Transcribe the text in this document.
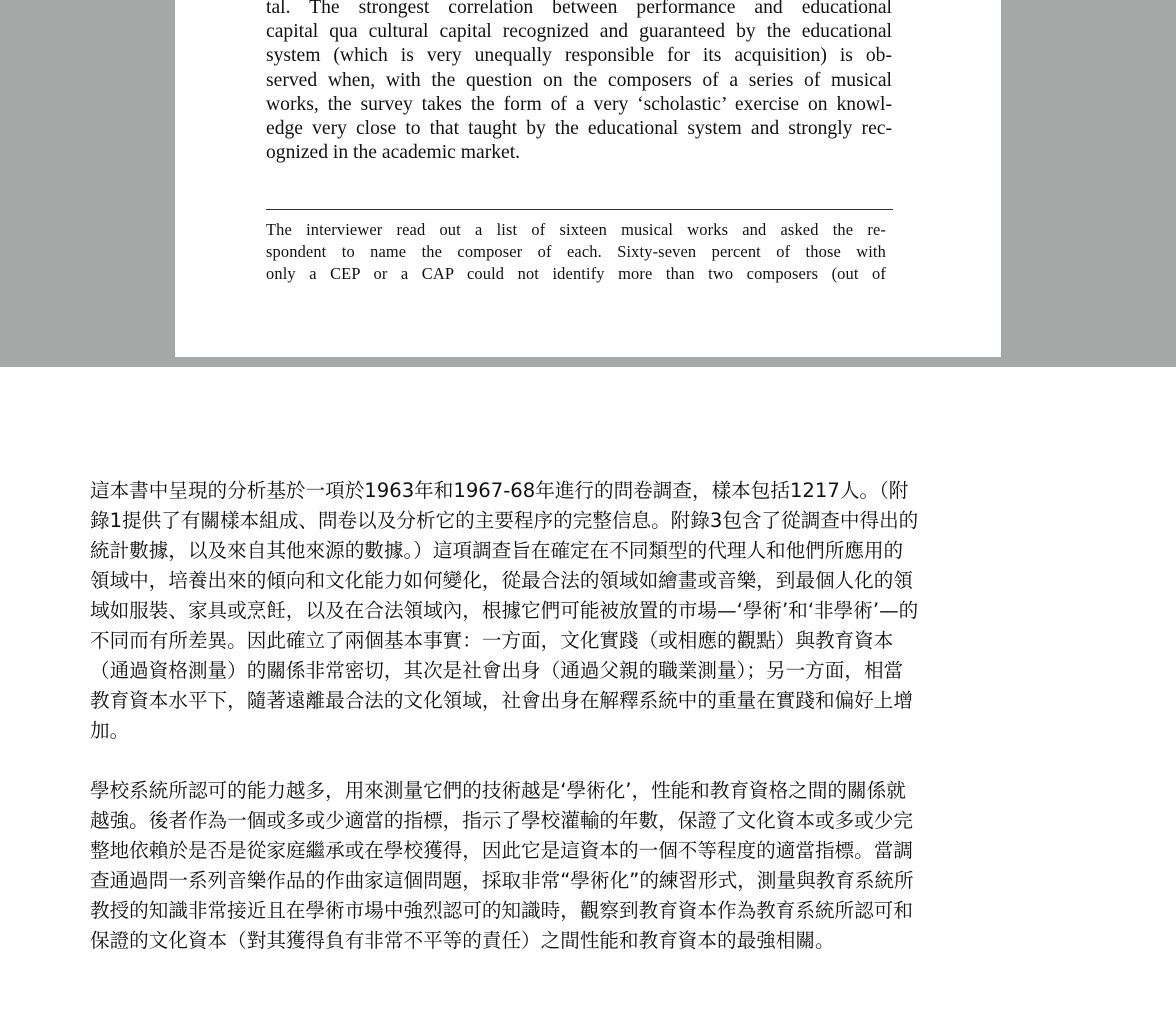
tal. The strongest correlation between performance and educational
capital qua cultural capital recognized and guaranteed by the educational
system (which is very unequally responsible for its acquisition) is ob-
served when, with the question on the composers of a series of musical
works, the survey takes the form of a very ‘scholastic’ exercise on knowl-
edge very close to that taught by the educational system and strongly rec-
ognized in the academic market.
The interviewer read out a list of sixteen musical works and asked the re-
spondent to name the composer of each. Sixty-seven percent of those with
only a CEP or a CAP could not identify more than two composers (out of
這本書中呈現的分析基於一項於1963年和1967-68年進行的問卷調查，樣本包括1217人。（附
錄1提供了有關樣本組成、問卷以及分析它的主要程序的完整信息。附錄3包含了從調查中得出的
統計數據，以及來自其他來源的數據。）這項調查旨在確定在不同類型的代理人和他們所應用的
領域中，培養出來的傾向和文化能力如何變化，從最合法的領域如繪畫或音樂，到最個人化的領
域如服裝、家具或烹飪，以及在合法領域內，根據它們可能被放置的市場—‘學術’和‘非學術’—的
不同而有所差異。因此確立了兩個基本事實：一方面，文化實踐（或相應的觀點）與教育資本
（通過資格測量）的關係非常密切，其次是社會出身（通過父親的職業測量）；另一方面，相當
教育資本水平下，隨著遠離最合法的文化領域，社會出身在解釋系統中的重量在實踐和偏好上增
加。
學校系統所認可的能力越多，用來測量它們的技術越是‘學術化’，性能和教育資格之間的關係就
越強。後者作為一個或多或少適當的指標，指示了學校灌輸的年數，保證了文化資本或多或少完
整地依賴於是否是從家庭繼承或在學校獲得，因此它是這資本的一個不等程度的適當指標。當調
查通過問一系列音樂作品的作曲家這個問題，採取非常“學術化”的練習形式，測量與教育系統所
教授的知識非常接近且在學術市場中強烈認可的知識時，觀察到教育資本作為教育系統所認可和
保證的文化資本（對其獲得負有非常不平等的責任）之間性能和教育資本的最強相關。
